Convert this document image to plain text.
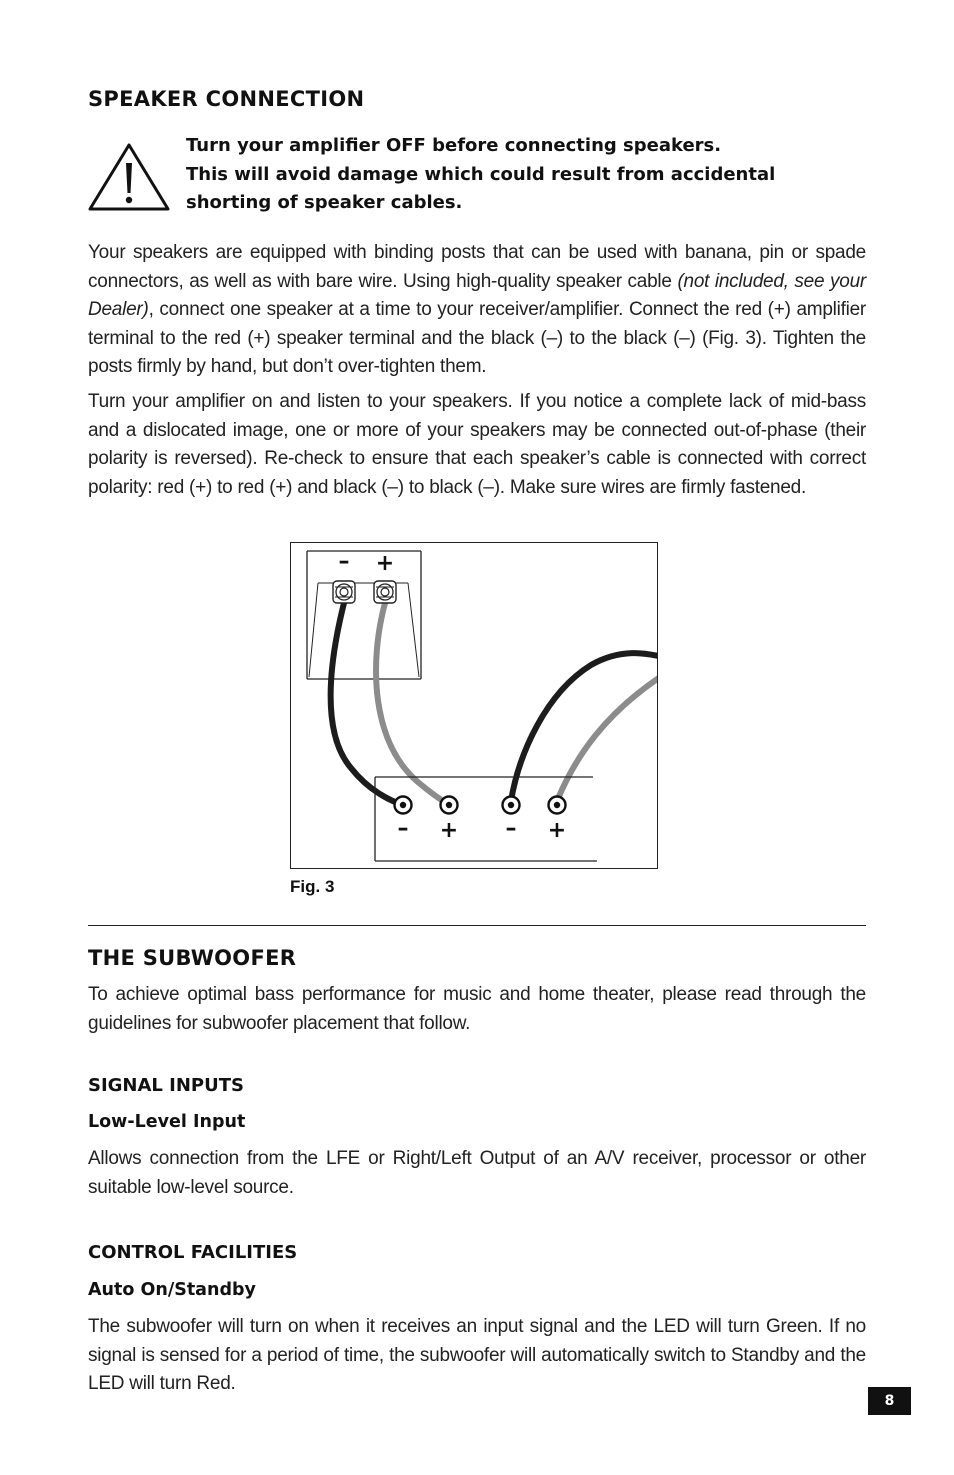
SPEAKER CONNECTION
Turn your amplifier OFF before connecting speakers.
This will avoid damage which could result from accidental
shorting of speaker cables.

Your speakers are equipped with binding posts that can be used with banana, pin or spade connectors, as well as with bare wire. Using high-quality speaker cable (not included, see your Dealer), connect one speaker at a time to your receiver/amplifier. Connect the red (+) amplifier terminal to the red (+) speaker terminal and the black (–) to the black (–) (Fig. 3). Tighten the posts firmly by hand, but don’t over-tighten them.

Turn your amplifier on and listen to your speakers. If you notice a complete lack of mid-bass and a dislocated image, one or more of your speakers may be connected out-of-phase (their polarity is reversed). Re-check to ensure that each speaker’s cable is connected with correct polarity: red (+) to red (+) and black (–) to black (–). Make sure wires are firmly fastened.

– +
– + – +

Fig. 3

THE SUBWOOFER

To achieve optimal bass performance for music and home theater, please read through the guidelines for subwoofer placement that follow.

SIGNAL INPUTS
Low-Level Input

Allows connection from the LFE or Right/Left Output of an A/V receiver, processor or other suitable low-level source.

CONTROL FACILITIES
Auto On/Standby

The subwoofer will turn on when it receives an input signal and the LED will turn Green. If no signal is sensed for a period of time, the subwoofer will automatically switch to Standby and the LED will turn Red.

8
